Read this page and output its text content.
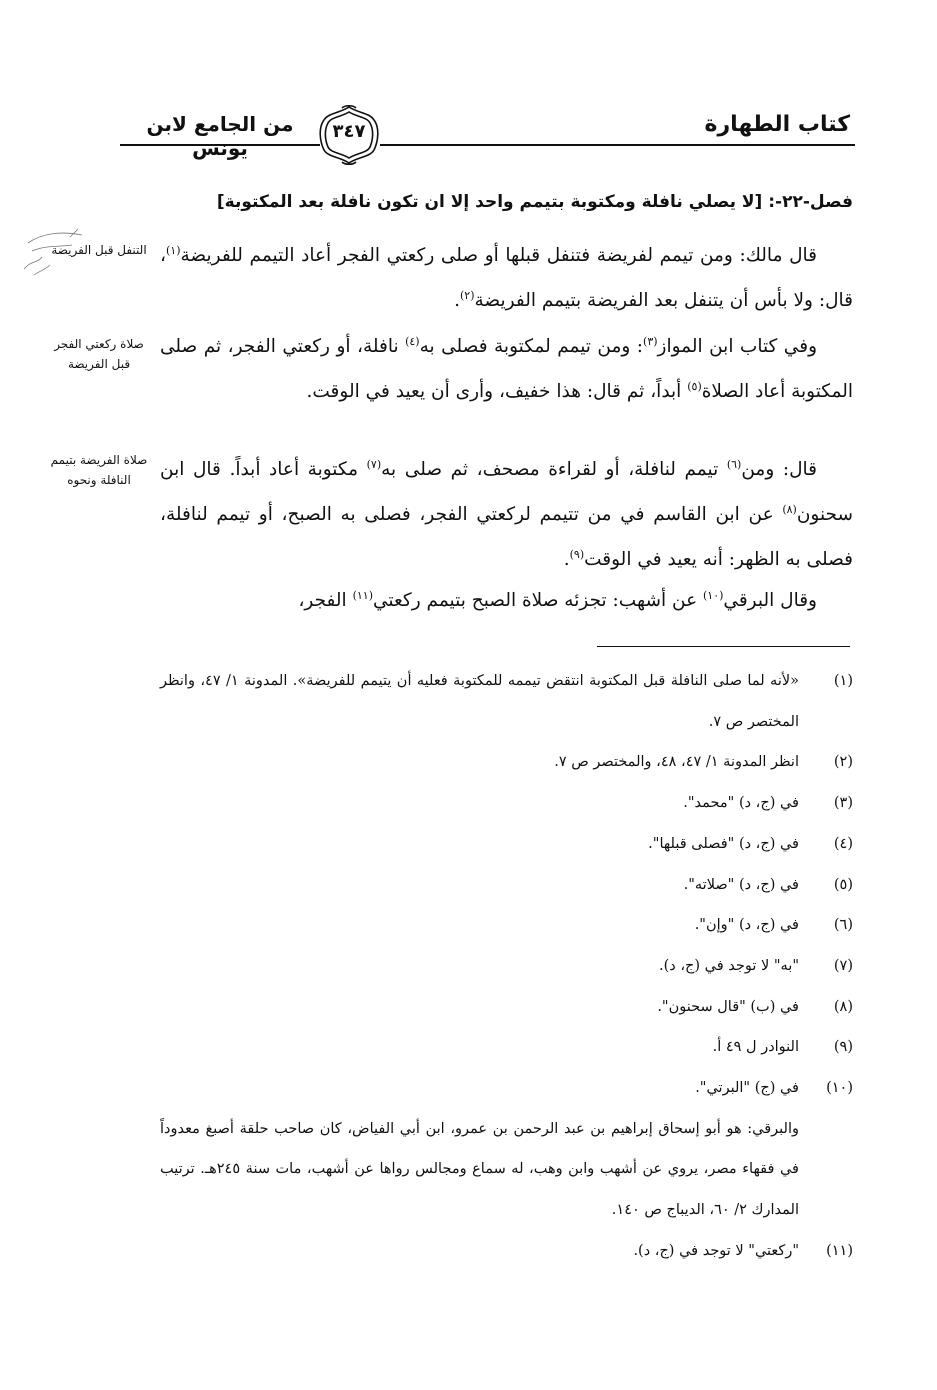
من الجامع لابن يونس
كتاب الطهارة
٣٤٧
فصل-٢٢-: [لا يصلي نافلة ومكتوبة بتيمم واحد إلا ان تكون نافلة بعد المكتوبة]
التنفل قبل الفريضة
صلاة ركعتي الفجر قبل الفريضة
صلاة الفريضة بتيمم النافلة ونحوه

قال مالك: ومن تيمم لفريضة فتنفل قبلها أو صلى ركعتي الفجر أعاد التيمم للفريضة$^{(١)}$، قال: ولا بأس أن يتنفل بعد الفريضة بتيمم الفريضة$^{(٢)}$.

وفي كتاب ابن المواز$^{(٣)}$: ومن تيمم لمكتوبة فصلى به$^{(٤)}$ نافلة، أو ركعتي الفجر، ثم صلى المكتوبة أعاد الصلاة$^{(٥)}$ أبداً، ثم قال: هذا خفيف، وأرى أن يعيد في الوقت.

قال: ومن$^{(٦)}$ تيمم لنافلة، أو لقراءة مصحف، ثم صلى به$^{(٧)}$ مكتوبة أعاد أبداً. قال ابن سحنون$^{(٨)}$ عن ابن القاسم في من تتيمم لركعتي الفجر، فصلى به الصبح، أو تيمم لنافلة، فصلى به الظهر: أنه يعيد في الوقت$^{(٩)}$.

وقال البرقي$^{(١٠)}$ عن أشهب: تجزئه صلاة الصبح بتيمم ركعتي$^{(١١)}$ الفجر،

(١)
«لأنه لما صلى النافلة قبل المكتوبة انتقض تيممه للمكتوبة فعليه أن يتيمم للفريضة». المدونة ١/ ٤٧، وانظر المختصر ص ٧.
(٢)
انظر المدونة ١/ ٤٧، ٤٨، والمختصر ص ٧.
(٣)
في (ج، د) "محمد".
(٤)
في (ج، د) "فصلى قبلها".
(٥)
في (ج، د) "صلاته".
(٦)
في (ج، د) "وإن".
(٧)
"به" لا توجد في (ج، د).
(٨)
في (ب) "قال سحنون".
(٩)
النوادر ل ٤٩ أ.
(١٠)
في (ج) "البرتي".
والبرقي: هو أبو إسحاق إبراهيم بن عبد الرحمن بن عمرو، ابن أبي الفياض، كان صاحب حلقة أصبغ معدوداً في فقهاء مصر، يروي عن أشهب وابن وهب، له سماع ومجالس رواها عن أشهب، مات سنة ٢٤٥هـ. ترتيب المدارك ٢/ ٦٠، الديباج ص ١٤٠.
(١١)
"ركعتي" لا توجد في (ج، د).
